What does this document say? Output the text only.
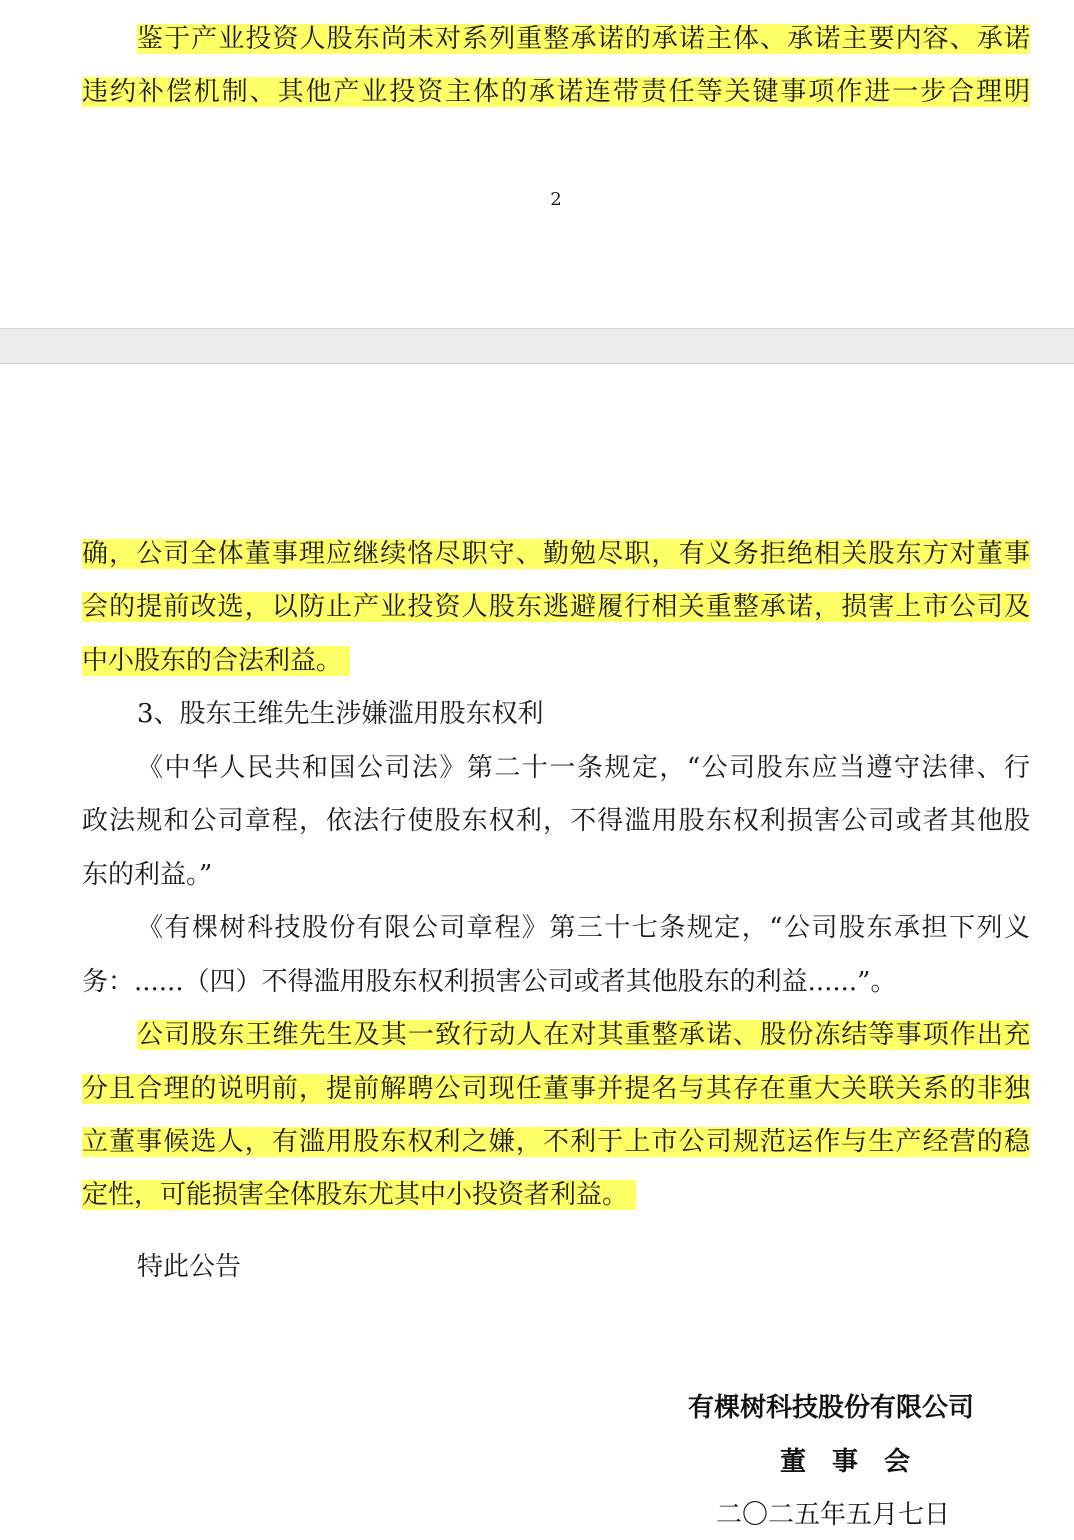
鉴于产业投资人股东尚未对系列重整承诺的承诺主体、承诺主要内容、承诺
违约补偿机制、其他产业投资主体的承诺连带责任等关键事项作进一步合理明
2
确，公司全体董事理应继续恪尽职守、勤勉尽职，有义务拒绝相关股东方对董事
会的提前改选，以防止产业投资人股东逃避履行相关重整承诺，损害上市公司及
中小股东的合法利益。
3、股东王维先生涉嫌滥用股东权利
《中华人民共和国公司法》第二十一条规定，“公司股东应当遵守法律、行
政法规和公司章程，依法行使股东权利，不得滥用股东权利损害公司或者其他股
东的利益。”
《有棵树科技股份有限公司章程》第三十七条规定，“公司股东承担下列义
务：......（四）不得滥用股东权利损害公司或者其他股东的利益......”。
公司股东王维先生及其一致行动人在对其重整承诺、股份冻结等事项作出充
分且合理的说明前，提前解聘公司现任董事并提名与其存在重大关联关系的非独
立董事候选人，有滥用股东权利之嫌，不利于上市公司规范运作与生产经营的稳
定性，可能损害全体股东尤其中小投资者利益。
特此公告
有棵树科技股份有限公司
董　事　会
二〇二五年五月七日
